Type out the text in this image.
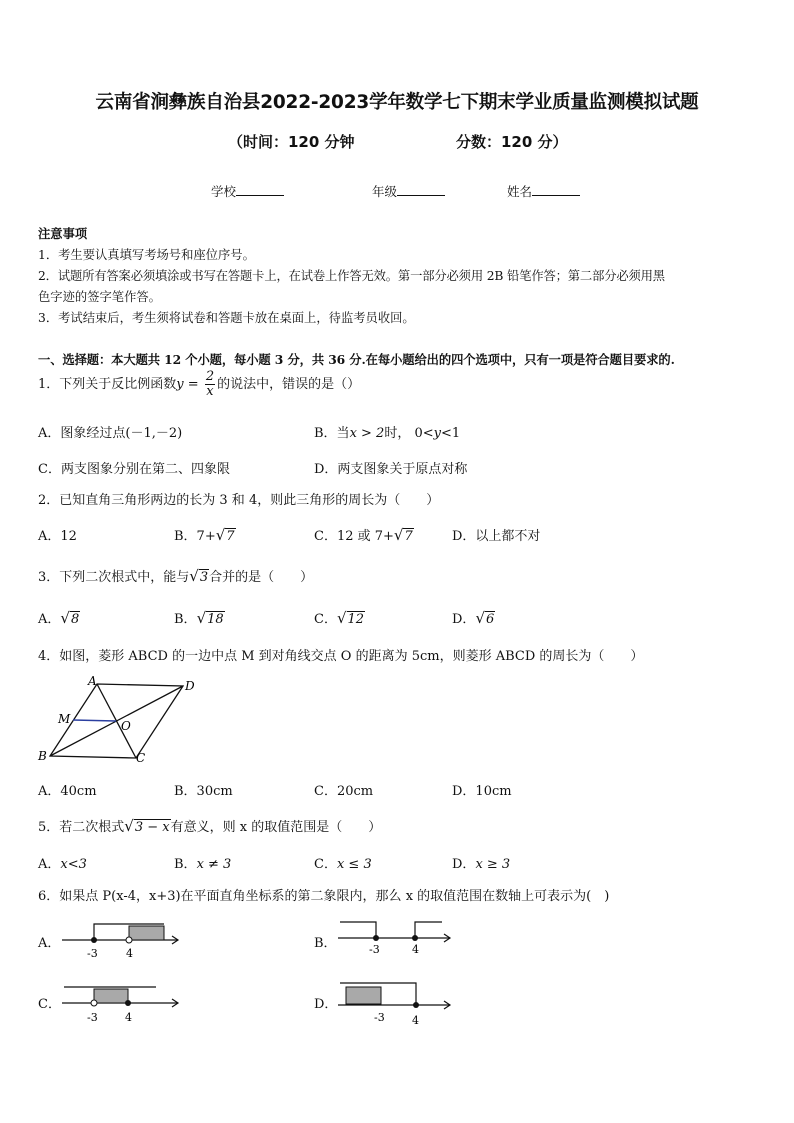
云南省涧彝族自治县2022-2023学年数学七下期末学业质量监测模拟试题
（时间：120 分钟	分数：120 分）
学校	年级	姓名
注意事项
1．考生要认真填写考场号和座位序号。
2．试题所有答案必须填涂或书写在答题卡上，在试卷上作答无效。第一部分必须用 2B 铅笔作答；第二部分必须用黑
色字迹的签字笔作答。
3．考试结束后，考生须将试卷和答题卡放在桌面上，待监考员收回。
一、选择题：本大题共 12 个小题，每小题 3 分，共 36 分.在每小题给出的四个选项中，只有一项是符合题目要求的.
1．下列关于反比例函数$y = \frac{2}{x}$ 的说法中，错误的是（）
A．图象经过点(－1,－2)	B．当x > 2时， 0<y<1
C．两支图象分别在第二、四象限	D．两支图象关于原点对称
2．已知直角三角形两边的长为 3 和 4，则此三角形的周长为（　　）
A．12	B．7+√7	C．12 或 7+√7	D．以上都不对
3．下列二次根式中，能与√3合并的是（　　）
A．√8	B．√18	C．√12	D．√6
4．如图，菱形 ABCD 的一边中点 M 到对角线交点 O 的距离为 5cm，则菱形 ABCD 的周长为（　　）
A	D
M	O
B	C
A．40cm	B．30cm	C．20cm	D．10cm
5．若二次根式√3 − x有意义，则 x 的取值范围是（　　）
A．x<3	B．x ≠ 3	C．x ≤ 3	D．x ≥ 3
6．如果点 P(x-4，x+3)在平面直角坐标系的第二象限内，那么 x 的取值范围在数轴上可表示为(　)
A．
-3	4
B．	-3	4
C．
-3 4
D．
-3 4
